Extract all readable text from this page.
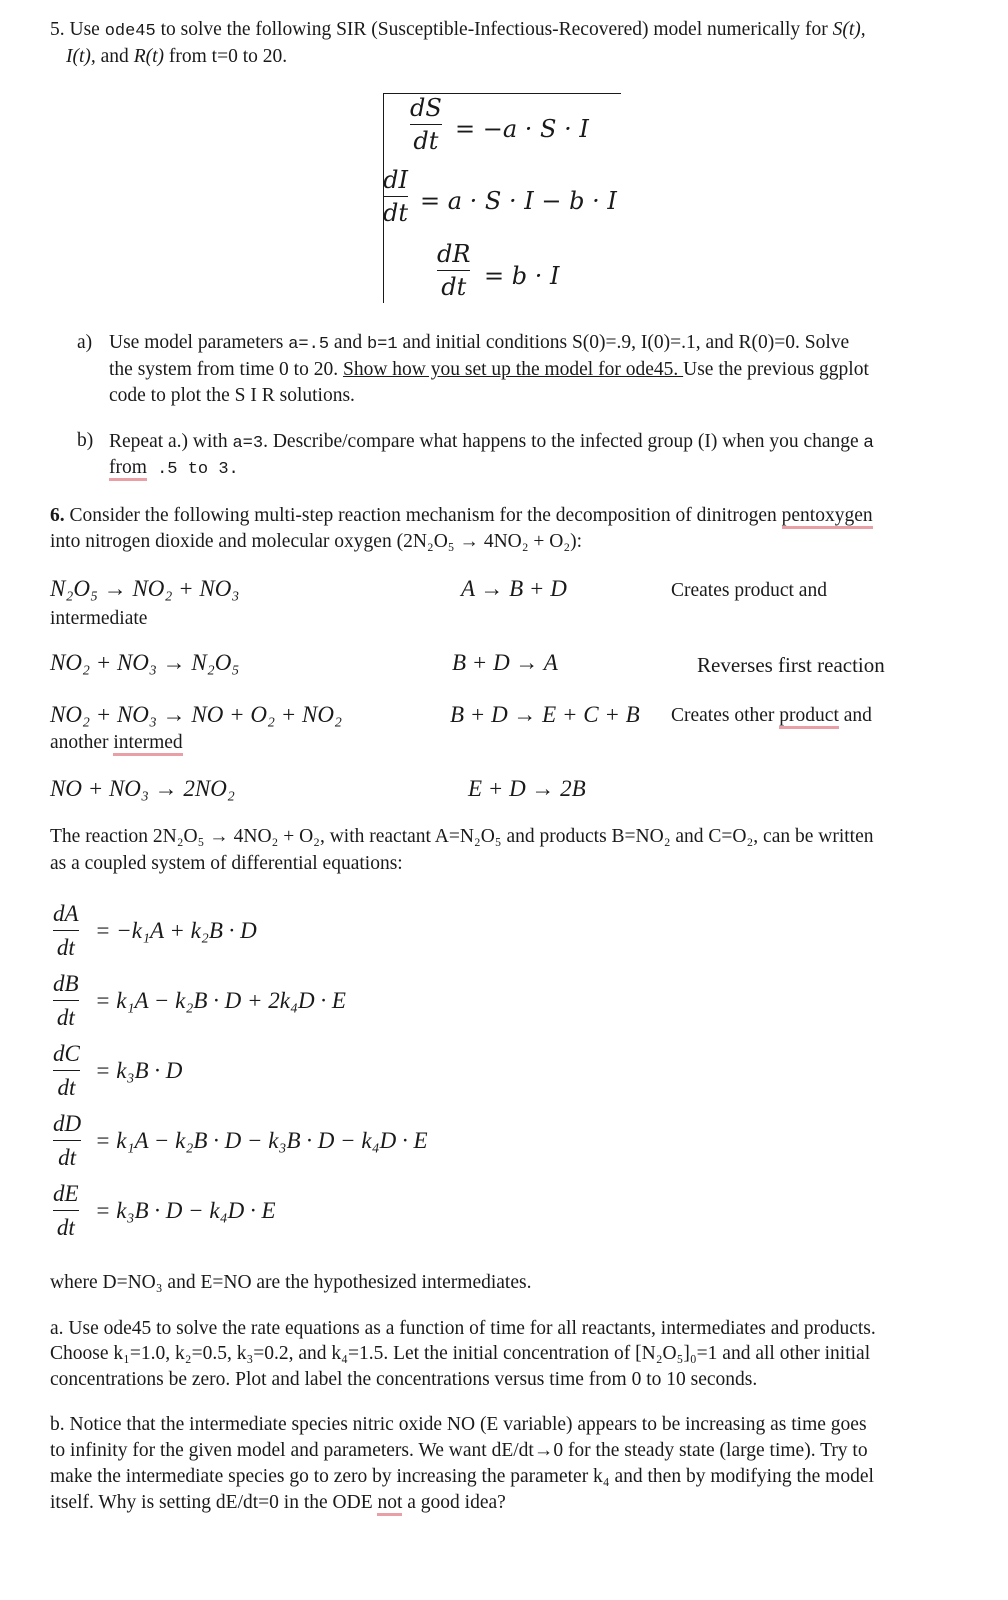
5. Use ode45 to solve the following SIR (Susceptible-Infectious-Recovered) model numerically for S(t),
I(t), and R(t) from t=0 to 20.
dS
dt = −a · S · I
dI
dt = a · S · I − b · I
dR
dt = b · I
a) Use model parameters a=.5 and b=1 and initial conditions S(0)=.9, I(0)=.1, and R(0)=0. Solve
the system from time 0 to 20. Show how you set up the model for ode45. Use the previous ggplot
code to plot the S I R solutions.
b) Repeat a.) with a=3. Describe/compare what happens to the infected group (I) when you change a
from .5 to 3.
6. Consider the following multi-step reaction mechanism for the decomposition of dinitrogen pentoxygen
into nitrogen dioxide and molecular oxygen (2N₂O₅ → 4NO₂ + O₂):
N₂O₅ → NO₂ + NO₃	A → B + D	Creates product and
intermediate
NO₂ + NO₃ → N₂O₅	B + D → A	Reverses first reaction
NO₂ + NO₃ → NO + O₂ + NO₂	B + D → E + C + B Creates other product and
another intermed
NO + NO₃ → 2NO₂	E + D → 2B
The reaction 2N₂O₅ → 4NO₂ + O₂, with reactant A=N₂O₅ and products B=NO₂ and C=O₂, can be written
as a coupled system of differential equations:
dA
dt
= −k₁A + k₂B · D
dB
dt
= k₁A − k₂B · D + 2k₄D · E
dC
dt
= k₃B · D
dD
dt
= k₁A − k₂B · D − k₃B · D − k₄D · E
dE
dt
= k₃B · D − k₄D · E
where D=NO₃ and E=NO are the hypothesized intermediates.
a. Use ode45 to solve the rate equations as a function of time for all reactants, intermediates and products.
Choose k₁=1.0, k₂=0.5, k₃=0.2, and k₄=1.5. Let the initial concentration of [N₂O₅]₀=1 and all other initial
concentrations be zero. Plot and label the concentrations versus time from 0 to 10 seconds.
b. Notice that the intermediate species nitric oxide NO (E variable) appears to be increasing as time goes
to infinity for the given model and parameters. We want dE/dt→0 for the steady state (large time). Try to
make the intermediate species go to zero by increasing the parameter k₄ and then by modifying the model
itself. Why is setting dE/dt=0 in the ODE not a good idea?
